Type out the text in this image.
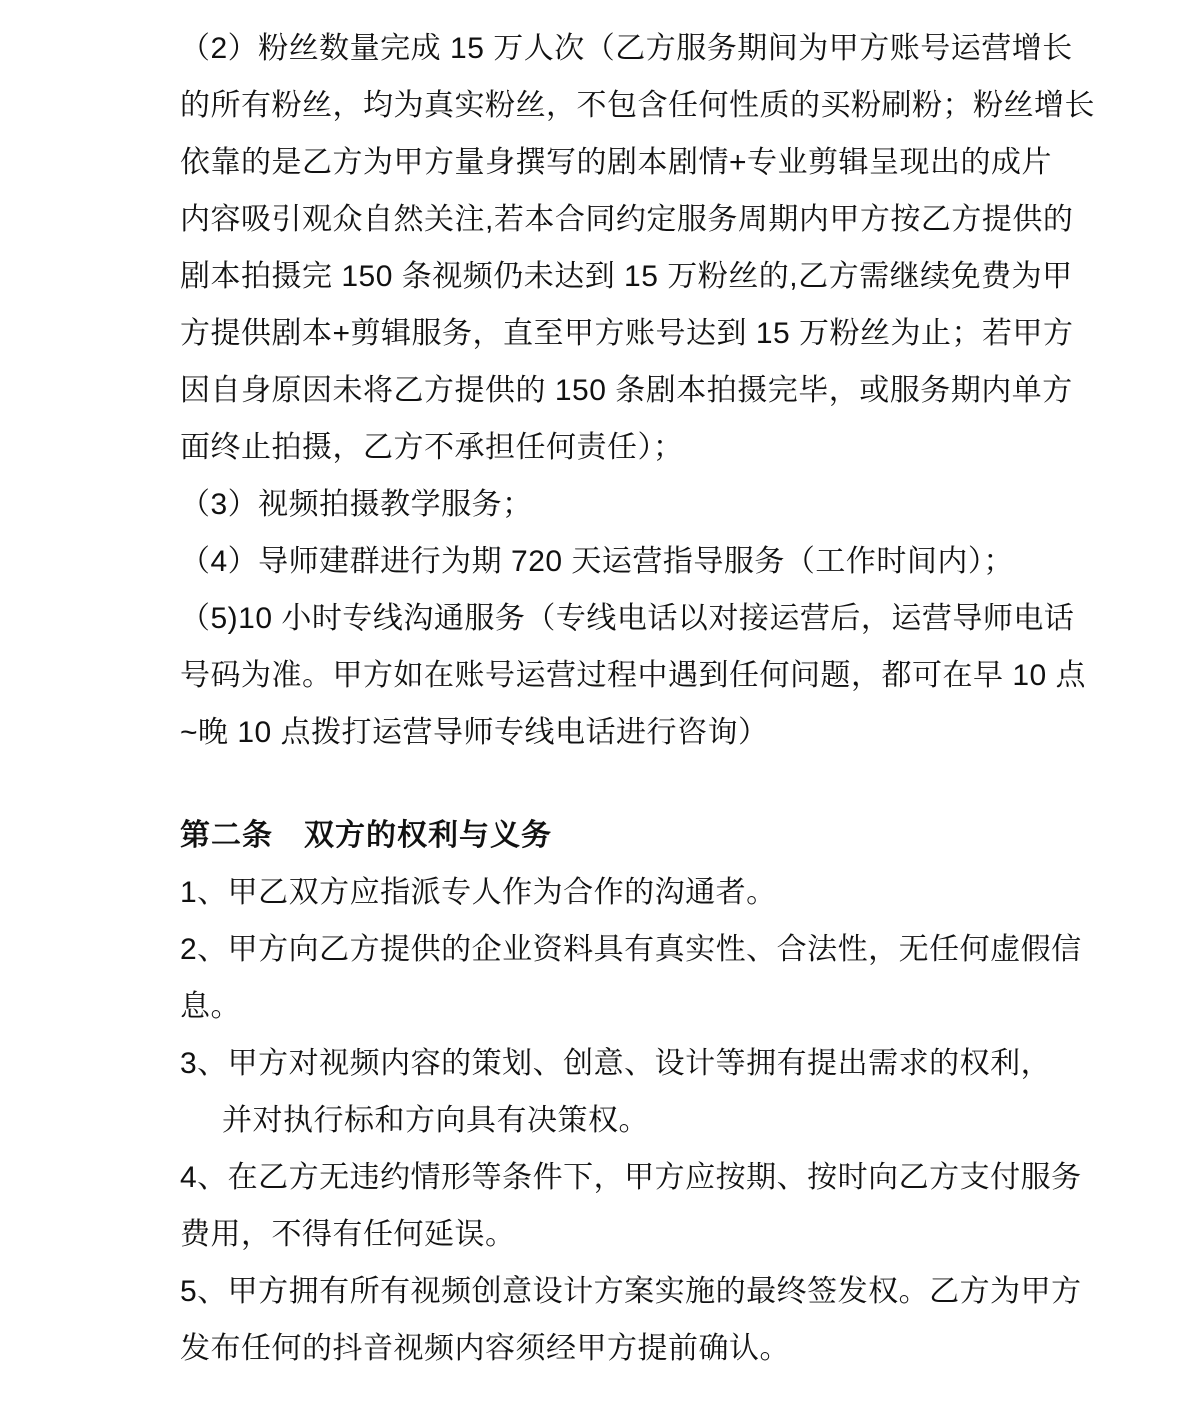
（2）粉丝数量完成 15 万人次（乙方服务期间为甲方账号运营增长
的所有粉丝，均为真实粉丝，不包含任何性质的买粉刷粉；粉丝增长
依靠的是乙方为甲方量身撰写的剧本剧情+专业剪辑呈现出的成片
内容吸引观众自然关注,若本合同约定服务周期内甲方按乙方提供的
剧本拍摄完 150 条视频仍未达到 15 万粉丝的,乙方需继续免费为甲
方提供剧本+剪辑服务，直至甲方账号达到 15 万粉丝为止；若甲方
因自身原因未将乙方提供的 150 条剧本拍摄完毕，或服务期内单方
面终止拍摄，乙方不承担任何责任）；
（3）视频拍摄教学服务；
（4）导师建群进行为期 720 天运营指导服务（工作时间内）；
（5)10 小时专线沟通服务（专线电话以对接运营后，运营导师电话
号码为准。甲方如在账号运营过程中遇到任何问题，都可在早 10 点
~晚 10 点拨打运营导师专线电话进行咨询）
第二条　双方的权利与义务
1、甲乙双方应指派专人作为合作的沟通者。
2、甲方向乙方提供的企业资料具有真实性、合法性，无任何虚假信
息。
3、甲方对视频内容的策划、创意、设计等拥有提出需求的权利，
并对执行标和方向具有决策权。
4、在乙方无违约情形等条件下，甲方应按期、按时向乙方支付服务
费用，不得有任何延误。
5、甲方拥有所有视频创意设计方案实施的最终签发权。乙方为甲方
发布任何的抖音视频内容须经甲方提前确认。
